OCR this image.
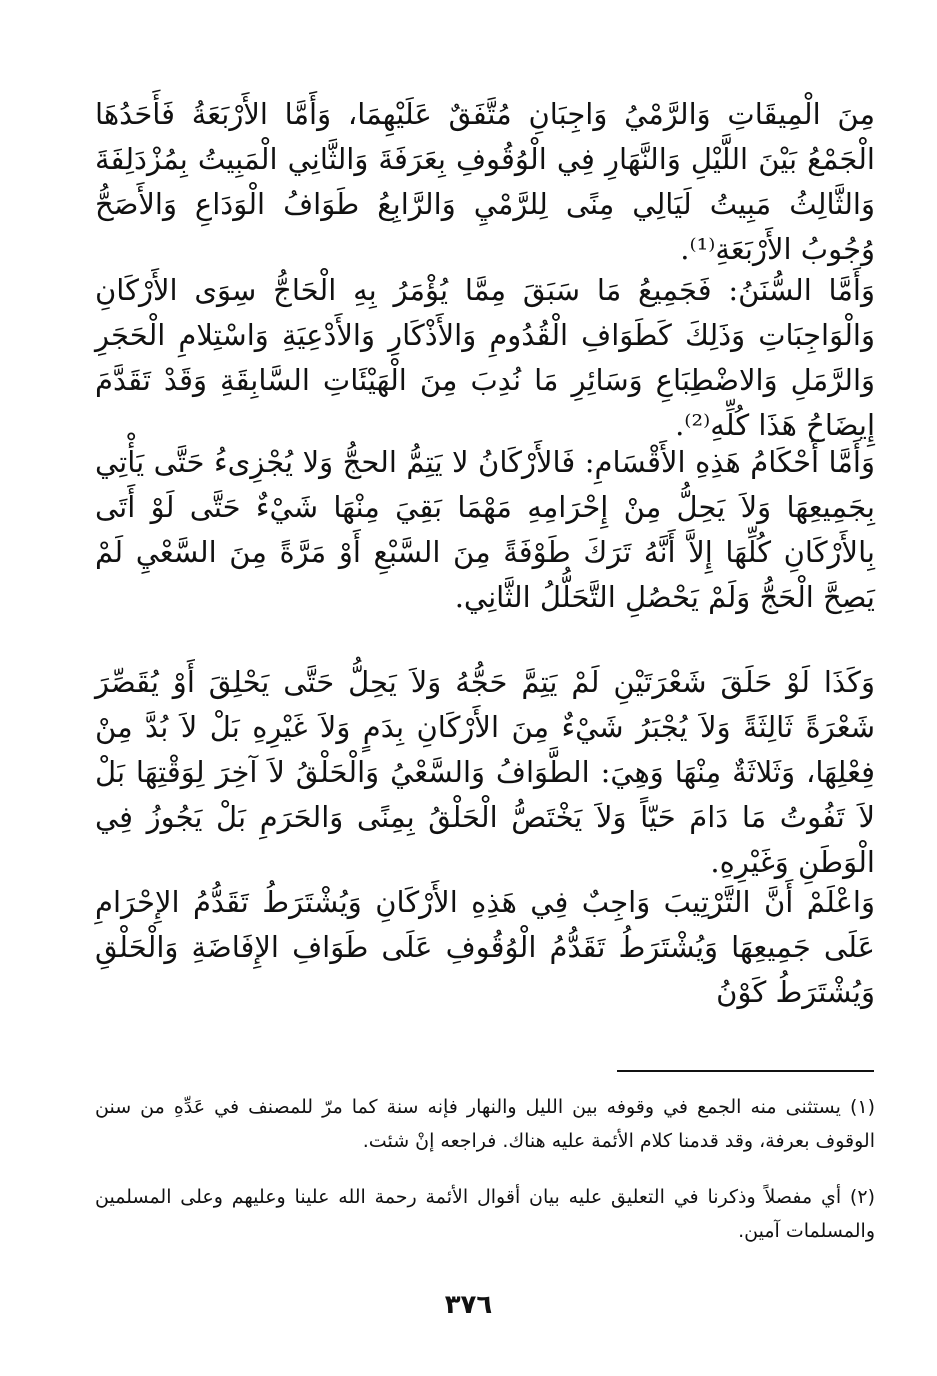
مِنَ الْمِيقَاتِ وَالرَّمْيُ وَاجِبَانِ مُتَّفَقٌ عَلَيْهِمَا، وَأَمَّا الأَرْبَعَةُ فَأَحَدُهَا الْجَمْعُ بَيْنَ اللَّيْلِ وَالنَّهَارِ فِي الْوُقُوفِ بِعَرَفَةَ وَالثَّانِي الْمَبِيتُ بِمُزْدَلِفَةَ وَالثَّالِثُ مَبِيتُ لَيَالِي مِنًى لِلرَّمْيِ وَالرَّابِعُ طَوَافُ الْوَدَاعِ وَالأَصَحُّ وُجُوبُ الأَرْبَعَةِ⁽¹⁾.

وَأَمَّا السُّنَنُ: فَجَمِيعُ مَا سَبَقَ مِمَّا يُؤْمَرُ بِهِ الْحَاجُّ سِوَى الأَرْكَانِ وَالْوَاجِبَاتِ وَذَلِكَ كَطَوَافِ الْقُدُومِ وَالأَذْكَارِ وَالأَدْعِيَةِ وَاسْتِلامِ الْحَجَرِ وَالرَّمَلِ وَالاضْطِبَاعِ وَسَائِرِ مَا نُدِبَ مِنَ الْهَيْئَاتِ السَّابِقَةِ وَقَدْ تَقَدَّمَ إِيضَاحُ هَذَا كُلِّهِ⁽²⁾.

وَأَمَّا أَحْكَامُ هَذِهِ الأَقْسَامِ: فَالأَرْكَانُ لا يَتِمُّ الحجُّ وَلا يُجْزِىءُ حَتَّى يَأْتِي بِجَمِيعِهَا وَلاَ يَحِلُّ مِنْ إِحْرَامِهِ مَهْمَا بَقِيَ مِنْهَا شَيْءٌ حَتَّى لَوْ أَتَى بِالأَرْكَانِ كُلِّهَا إِلاَّ أَنَّهُ تَرَكَ طَوْفَةً مِنَ السَّبْعِ أَوْ مَرَّةً مِنَ السَّعْيِ لَمْ يَصِحَّ الْحَجُّ وَلَمْ يَحْصُلِ التَّحَلُّلُ الثَّانِي.

وَكَذَا لَوْ حَلَقَ شَعْرَتَيْنِ لَمْ يَتِمَّ حَجُّهُ وَلاَ يَحِلُّ حَتَّى يَحْلِقَ أَوْ يُقَصِّرَ شَعْرَةً ثَالِثَةً وَلاَ يُجْبَرُ شَيْءٌ مِنَ الأَرْكَانِ بِدَمٍ وَلاَ غَيْرِهِ بَلْ لاَ بُدَّ مِنْ فِعْلِهَا، وَثَلاثَةٌ مِنْهَا وَهِيَ: الطَّوَافُ وَالسَّعْيُ وَالْحَلْقُ لاَ آخِرَ لِوَقْتِهَا بَلْ لاَ تَفُوتُ مَا دَامَ حَيّاً وَلاَ يَخْتَصُّ الْحَلْقُ بِمِنًى وَالحَرَمِ بَلْ يَجُوزُ فِي الْوَطَنِ وَغَيْرِهِ.

وَاعْلَمْ أَنَّ التَّرْتِيبَ وَاجِبٌ فِي هَذِهِ الأَرْكَانِ وَيُشْتَرَطُ تَقَدُّمُ الإِحْرَامِ عَلَى جَمِيعِهَا وَيُشْتَرَطُ تَقَدُّمُ الْوُقُوفِ عَلَى طَوَافِ الإِفَاضَةِ وَالْحَلْقِ وَيُشْتَرَطُ كَوْنُ

(١) يستثنى منه الجمع في وقوفه بين الليل والنهار فإنه سنة كما مرّ للمصنف في عَدِّهِ من سنن الوقوف بعرفة، وقد قدمنا كلام الأئمة عليه هناك. فراجعه إنْ شئت.

(٢) أي مفصلاً وذكرنا في التعليق عليه بيان أقوال الأئمة رحمة الله علينا وعليهم وعلى المسلمين والمسلمات آمين.

٣٧٦
